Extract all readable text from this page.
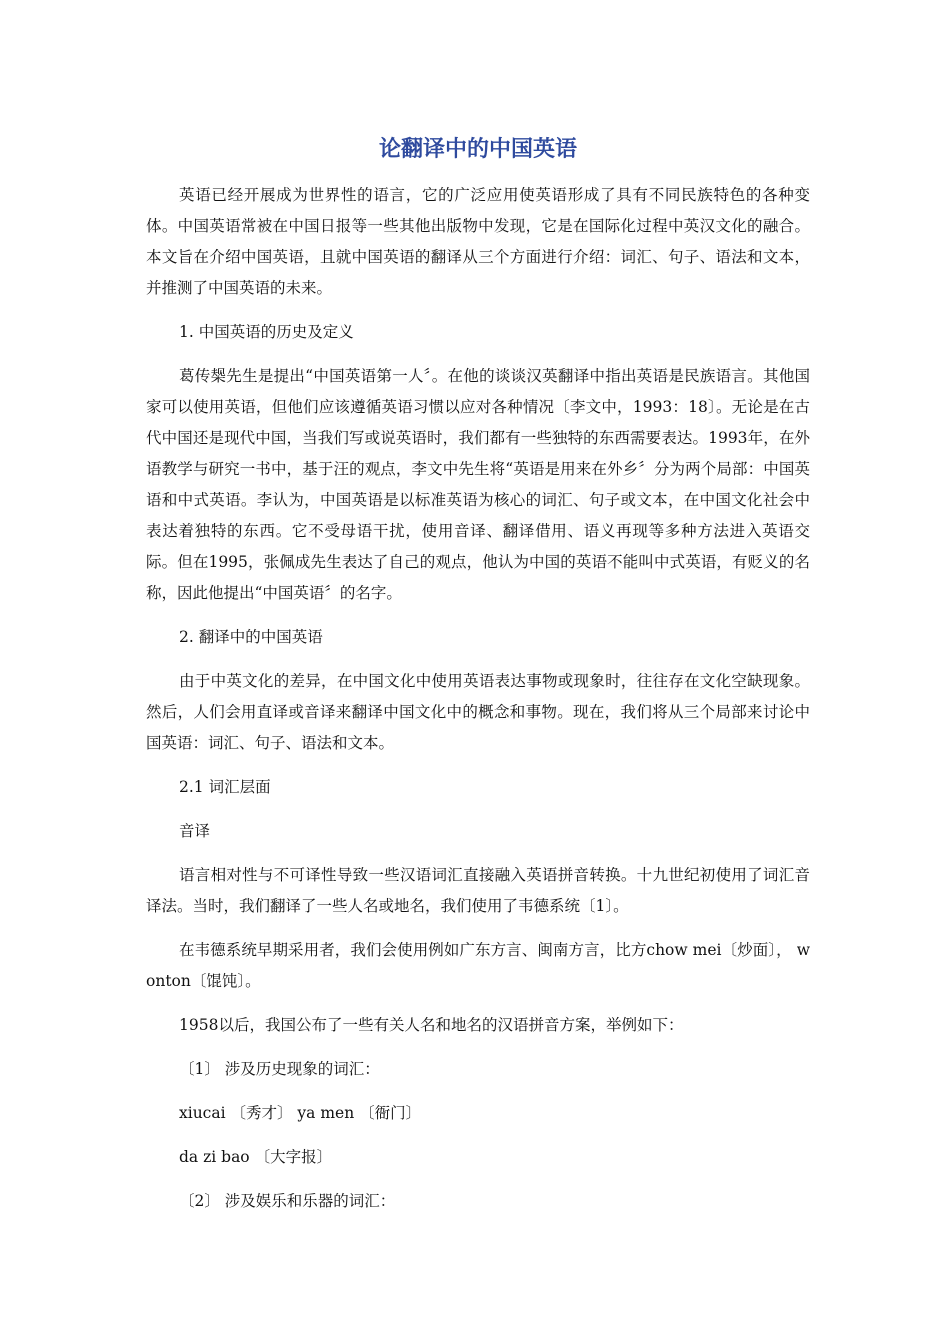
论翻译中的中国英语

英语已经开展成为世界性的语言，它的广泛应用使英语形成了具有不同民族特色的各种变体。中国英语常被在中国日报等一些其他出版物中发现，它是在国际化过程中英汉文化的融合。本文旨在介绍中国英语，且就中国英语的翻译从三个方面进行介绍：词汇、句子、语法和文本，并推测了中国英语的未来。

1. 中国英语的历史及定义

葛传椝先生是提出“中国英语第一人〞。在他的谈谈汉英翻译中指出英语是民族语言。其他国家可以使用英语，但他们应该遵循英语习惯以应对各种情况〔李文中，1993：18〕。无论是在古代中国还是现代中国，当我们写或说英语时，我们都有一些独特的东西需要表达。1993年，在外语教学与研究一书中，基于汪的观点，李文中先生将“英语是用来在外乡〞分为两个局部：中国英语和中式英语。李认为，中国英语是以标准英语为核心的词汇、句子或文本，在中国文化社会中表达着独特的东西。它不受母语干扰，使用音译、翻译借用、语义再现等多种方法进入英语交际。但在1995，张佩成先生表达了自己的观点，他认为中国的英语不能叫中式英语，有贬义的名称，因此他提出“中国英语〞的名字。

2. 翻译中的中国英语

由于中英文化的差异，在中国文化中使用英语表达事物或现象时，往往存在文化空缺现象。然后，人们会用直译或音译来翻译中国文化中的概念和事物。现在，我们将从三个局部来讨论中国英语：词汇、句子、语法和文本。

2.1 词汇层面

音译

语言相对性与不可译性导致一些汉语词汇直接融入英语拼音转换。十九世纪初使用了词汇音译法。当时，我们翻译了一些人名或地名，我们使用了韦德系统〔1〕。

在韦德系统早期采用者，我们会使用例如广东方言、闽南方言，比方chow mei〔炒面〕， wonton〔馄饨〕。

1958以后，我国公布了一些有关人名和地名的汉语拼音方案，举例如下：

〔1〕 涉及历史现象的词汇：

xiucai 〔秀才〕 ya men 〔衙门〕

da zi bao 〔大字报〕

〔2〕 涉及娱乐和乐器的词汇：
